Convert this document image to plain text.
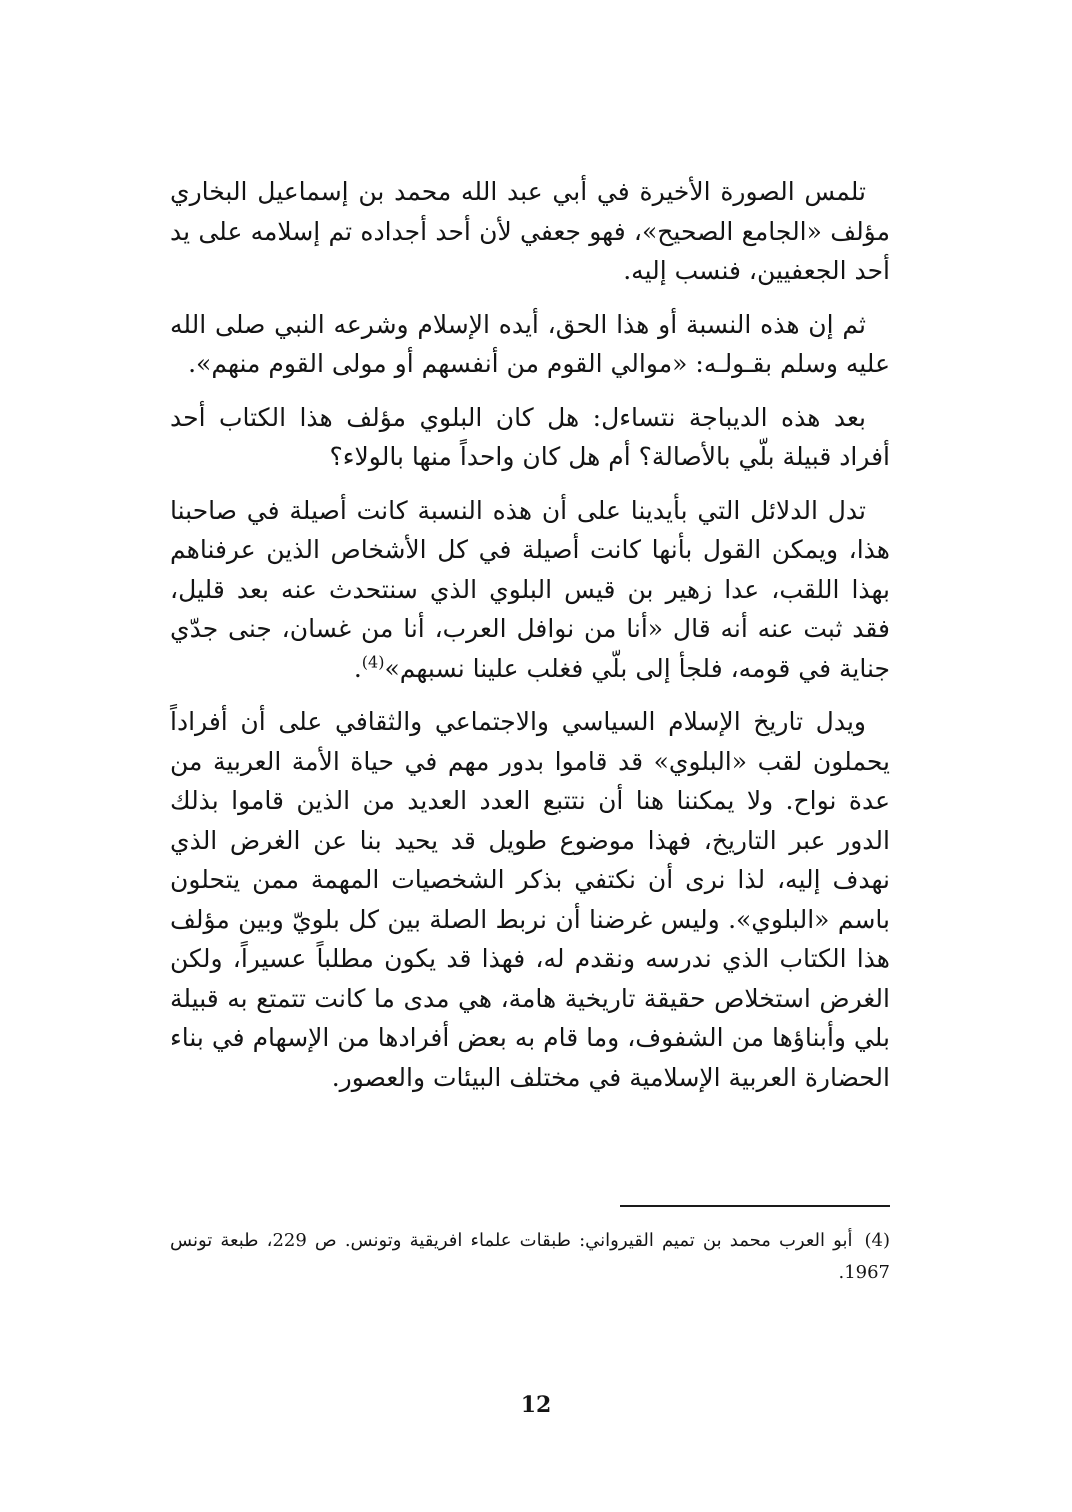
تلمس الصورة الأخيرة في أبي عبد الله محمد بن إسماعيل البخاري مؤلف «الجامع الصحيح»، فهو جعفي لأن أحد أجداده تم إسلامه على يد أحد الجعفيين، فنسب إليه.

ثم إن هذه النسبة أو هذا الحق، أيده الإسلام وشرعه النبي صلى الله عليه وسلم بقـولـه: «موالي القوم من أنفسهم أو مولى القوم منهم».

بعد هذه الديباجة نتساءل: هل كان البلوي مؤلف هذا الكتاب أحد أفراد قبيلة بلّي بالأصالة؟ أم هل كان واحداً منها بالولاء؟

تدل الدلائل التي بأيدينا على أن هذه النسبة كانت أصيلة في صاحبنا هذا، ويمكن القول بأنها كانت أصيلة في كل الأشخاص الذين عرفناهم بهذا اللقب، عدا زهير بن قيس البلوي الذي سنتحدث عنه بعد قليل، فقد ثبت عنه أنه قال «أنا من نوافل العرب، أنا من غسان، جنى جدّي جناية في قومه، فلجأ إلى بلّي فغلب علينا نسبهم»$^{(4)}$.

ويدل تاريخ الإسلام السياسي والاجتماعي والثقافي على أن أفراداً يحملون لقب «البلوي» قد قاموا بدور مهم في حياة الأمة العربية من عدة نواح. ولا يمكننا هنا أن نتتبع العدد العديد من الذين قاموا بذلك الدور عبر التاريخ، فهذا موضوع طويل قد يحيد بنا عن الغرض الذي نهدف إليه، لذا نرى أن نكتفي بذكر الشخصيات المهمة ممن يتحلون باسم «البلوي». وليس غرضنا أن نربط الصلة بين كل بلويّ وبين مؤلف هذا الكتاب الذي ندرسه ونقدم له، فهذا قد يكون مطلباً عسيراً، ولكن الغرض استخلاص حقيقة تاريخية هامة، هي مدى ما كانت تتمتع به قبيلة بلي وأبناؤها من الشفوف، وما قام به بعض أفرادها من الإسهام في بناء الحضارة العربية الإسلامية في مختلف البيئات والعصور.

(4)أبو العرب محمد بن تميم القيرواني: طبقات علماء افريقية وتونس. ص 229، طبعة تونس 1967.
12
